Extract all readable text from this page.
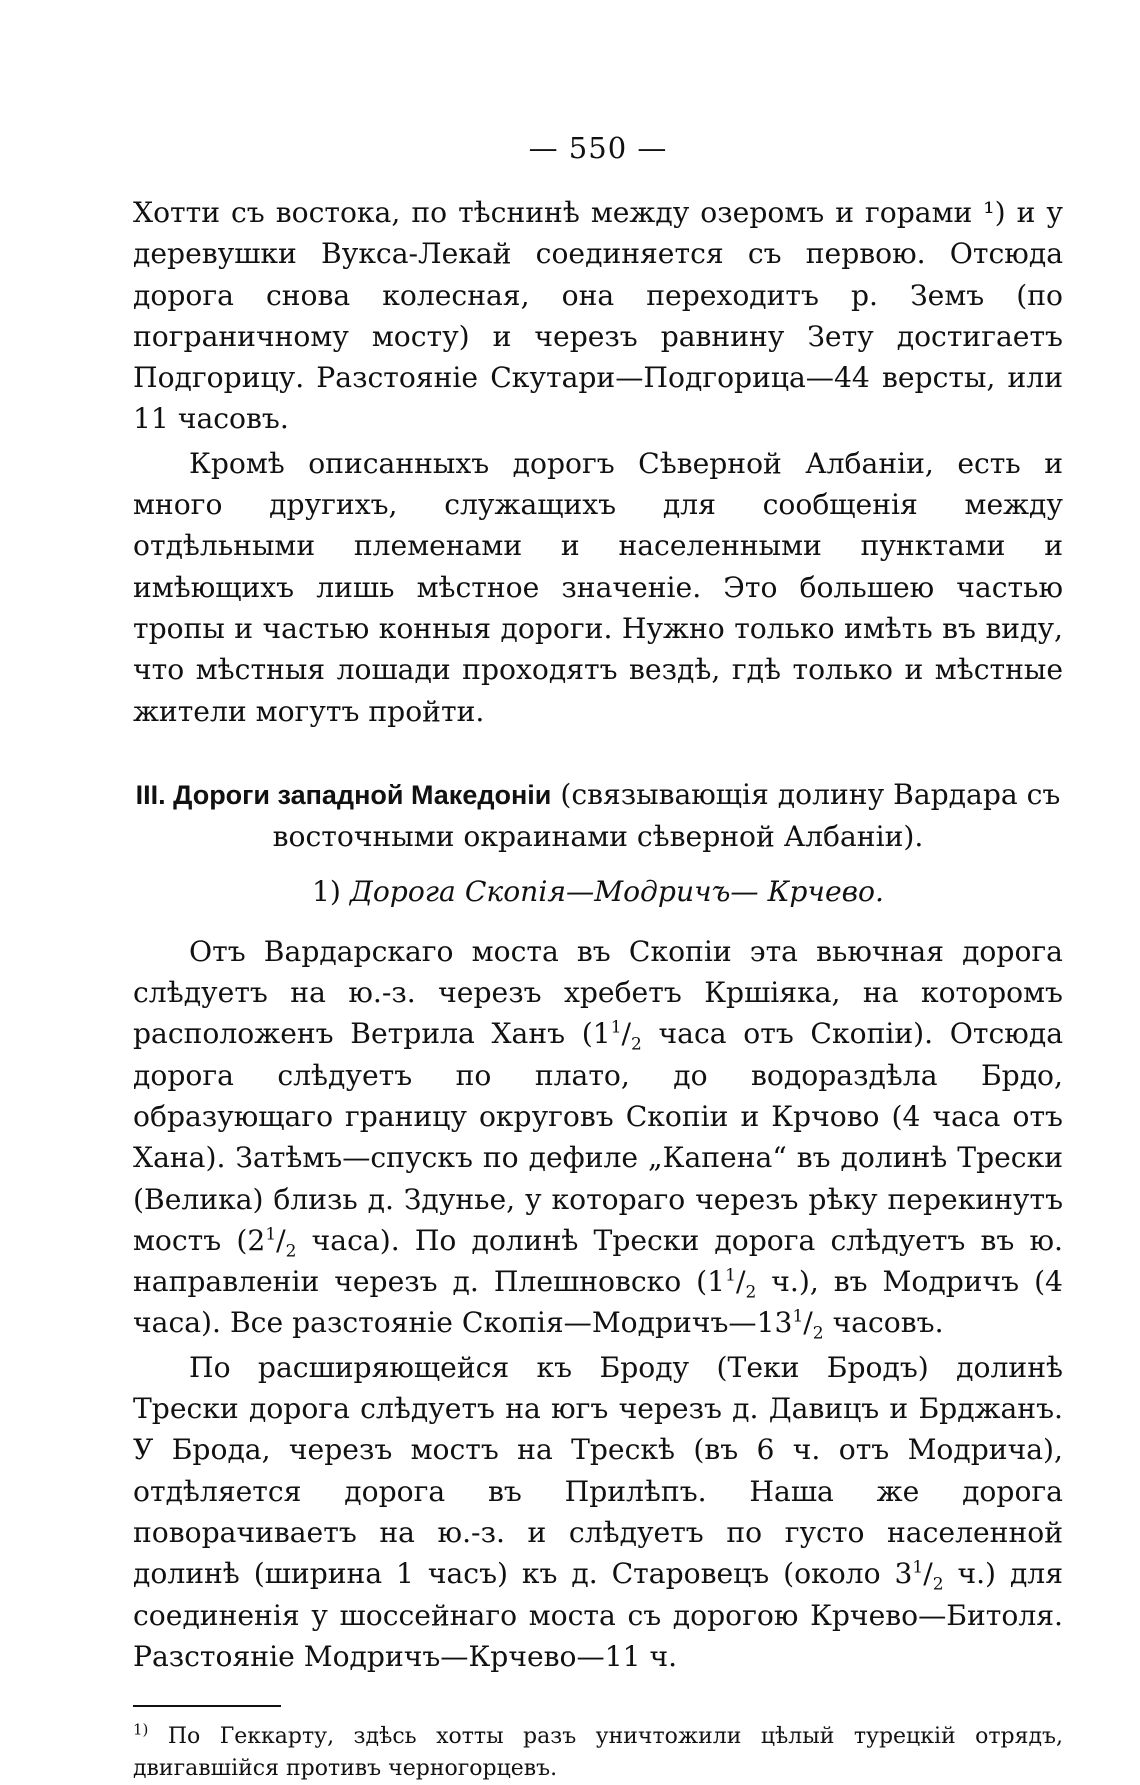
— 550 —

Хотти съ востока, по тѣснинѣ между озеромъ и горами ¹) и у деревушки Вукса-Лекай соединяется съ первою. Отсюда дорога снова колесная, она переходитъ р. Земъ (по пограничному мосту) и черезъ равнину Зету достигаетъ Подгорицу. Разстояніе Скутари—Подгорица—44 версты, или 11 часовъ.

Кромѣ описанныхъ дорогъ Сѣверной Албаніи, есть и много другихъ, служащихъ для сообщенія между отдѣльными племенами и населенными пунктами и имѣющихъ лишь мѣстное значеніе. Это большею частью тропы и частью конныя дороги. Нужно только имѣть въ виду, что мѣстныя лошади проходятъ вездѣ, гдѣ только и мѣстные жители могутъ пройти.

III. Дороги западной Македоніи (связывающія долину Вардара съ восточными окраинами сѣверной Албаніи).
1) Дорога Скопія—Модричъ— Крчево.

Отъ Вардарскаго моста въ Скопіи эта вьючная дорога слѣдуетъ на ю.-з. черезъ хребетъ Кршіяка, на которомъ расположенъ Ветрила Ханъ ($1^1/_2$ часа отъ Скопіи). Отсюда дорога слѣдуетъ по плато, до водораздѣла Брдо, образующаго границу округовъ Скопіи и Крчово (4 часа отъ Хана). Затѣмъ—спускъ по дефиле „Капена“ въ долинѣ Трески (Велика) близь д. Здунье, у котораго черезъ рѣку перекинутъ мостъ ($2^1/_2$ часа). По долинѣ Трески дорога слѣдуетъ въ ю. направленіи черезъ д. Плешновско ($1^1/_2$ ч.), въ Модричъ (4 часа). Все разстояніе $Скопія—Модричъ—13^1/_2$ часовъ.

По расширяющейся къ Броду (Теки Бродъ) долинѣ Трески дорога слѣдуетъ на югъ черезъ д. Давицъ и Брджанъ. У Брода, черезъ мостъ на Трескѣ (въ 6 ч. отъ Модрича), отдѣляется дорога въ Прилѣпъ. Наша же дорога поворачиваетъ на ю.-з. и слѣдуетъ по густо населенной долинѣ (ширина 1 часъ) къ д. Старовецъ (около $3^1/_2$ ч.) для соединенія у шоссейнаго моста съ дорогою Крчево—Битоля. Разстояніе Модричъ—Крчево—11 ч.

$^{1)}$ По Геккарту, здѣсь хотты разъ уничтожили цѣлый турецкій отрядъ, двигавшійся противъ черногорцевъ.
